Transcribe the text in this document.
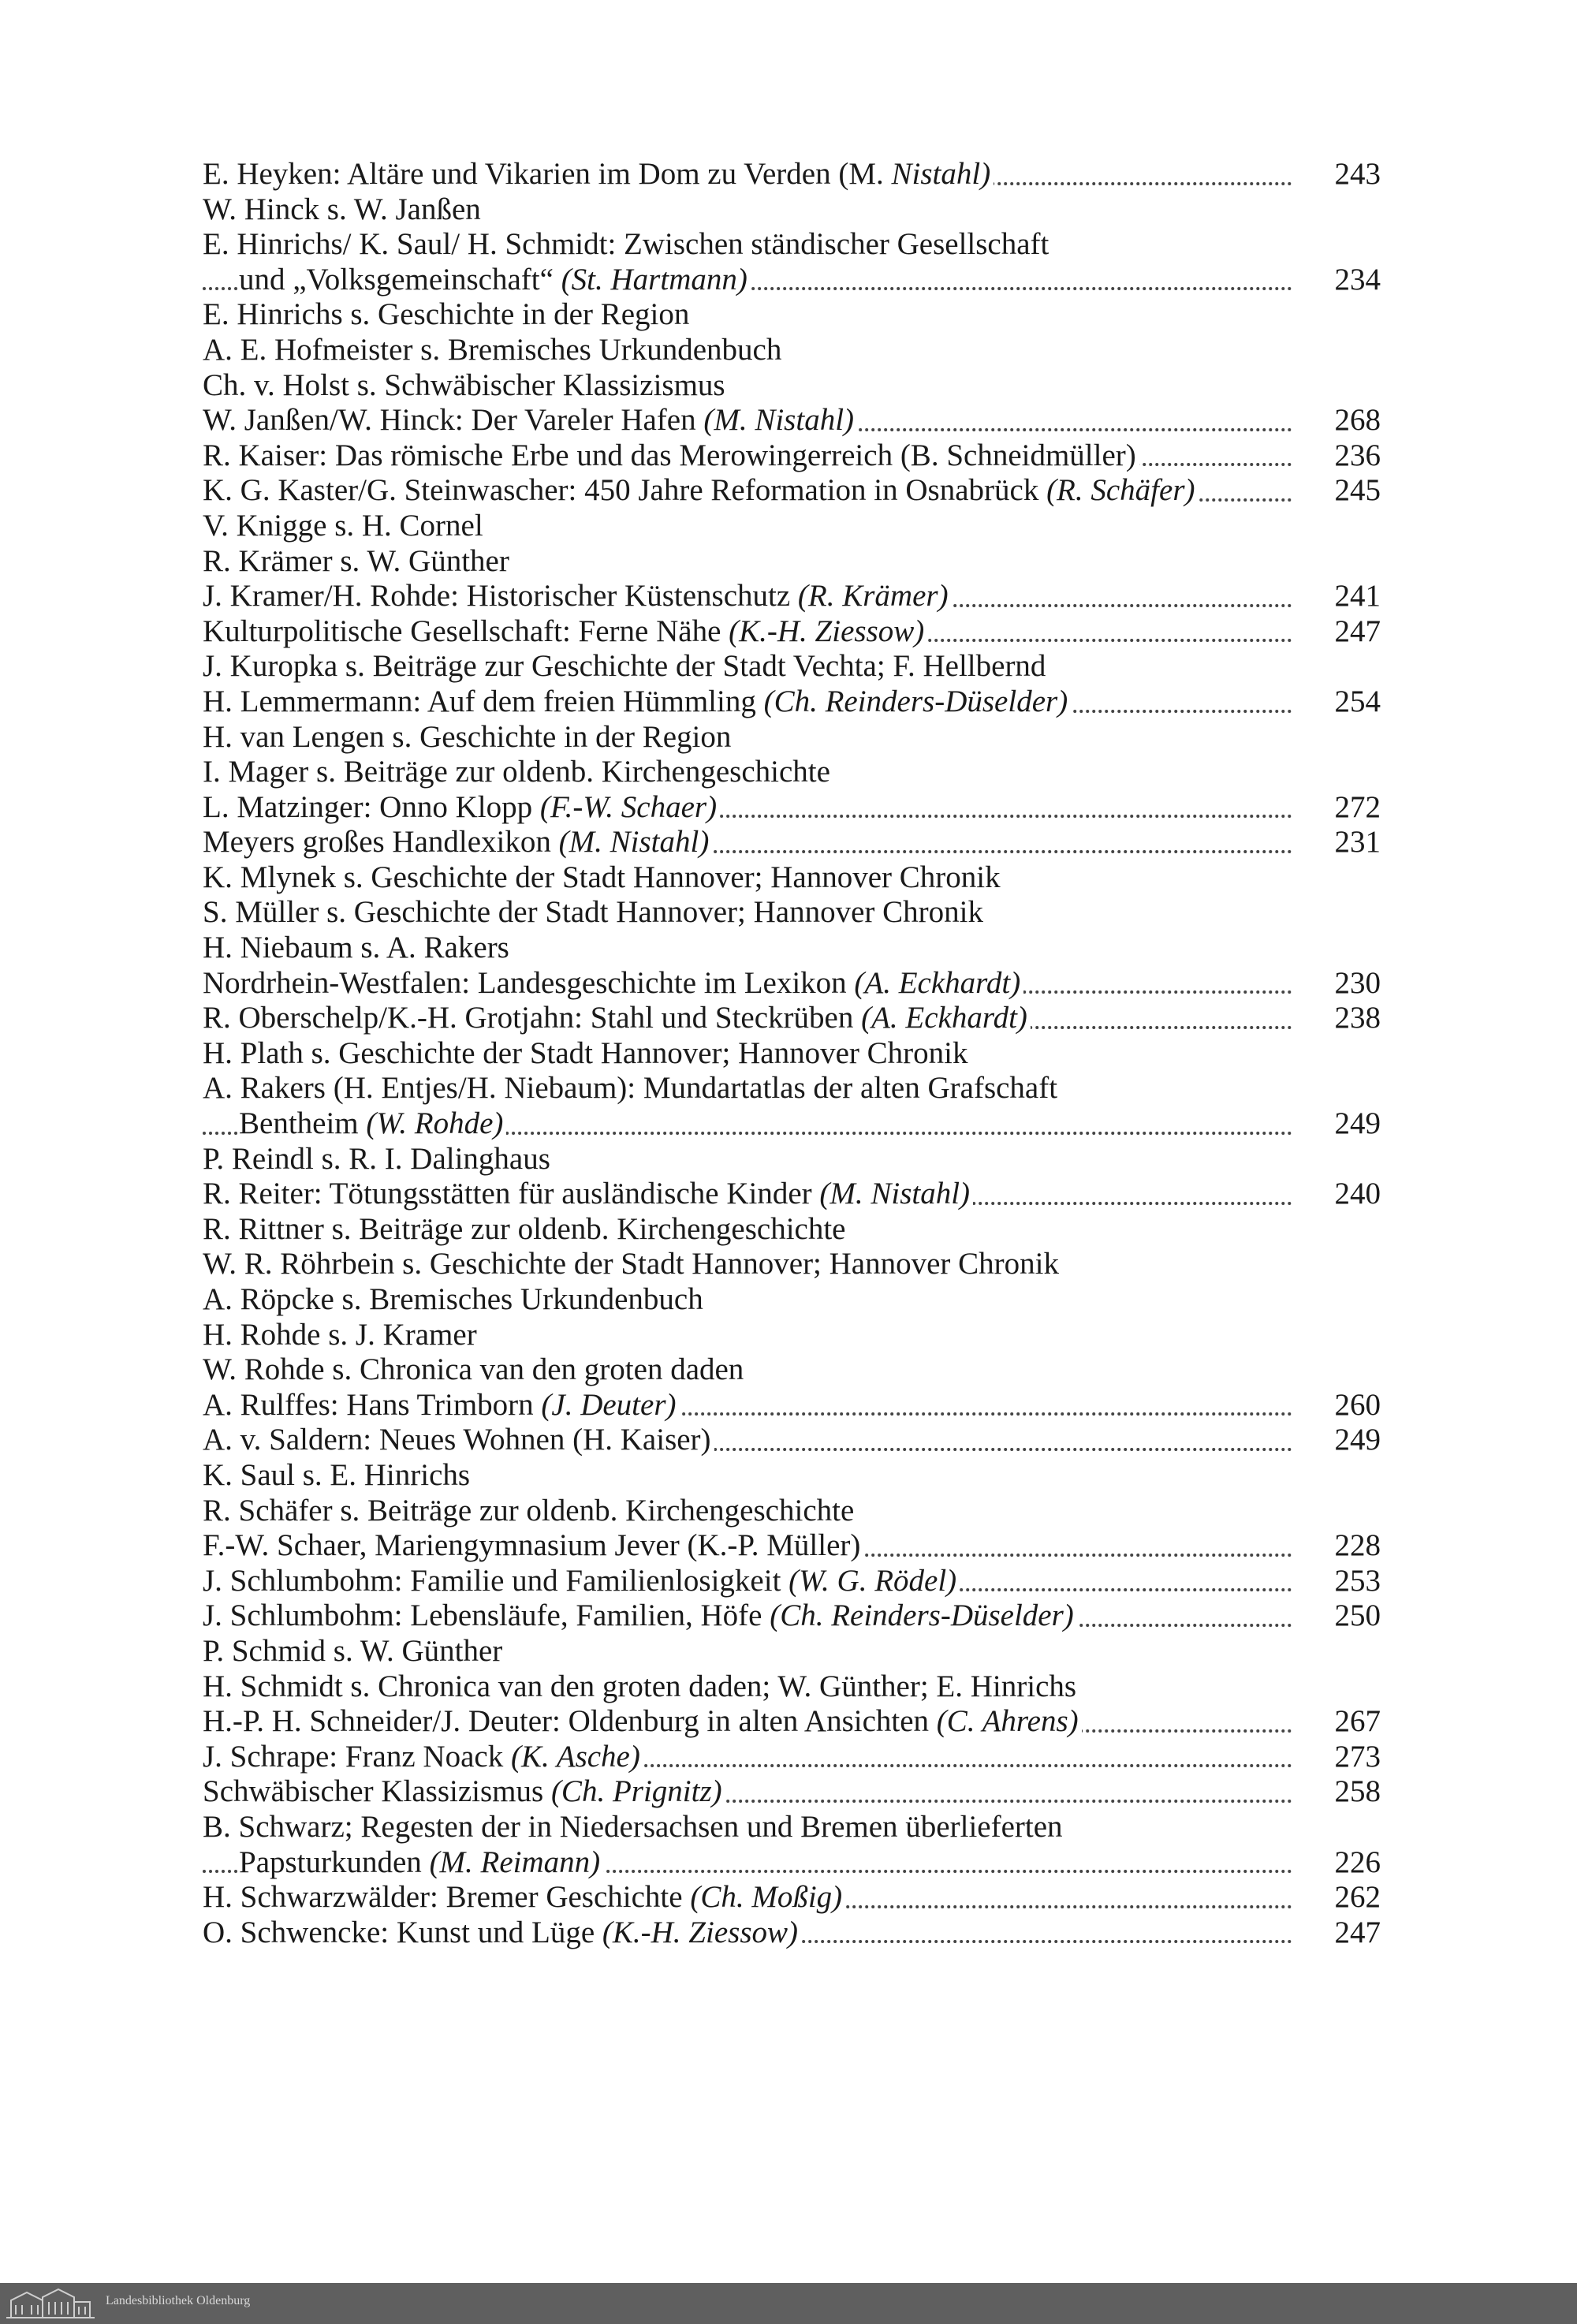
E. Heyken: Altäre und Vikarien im Dom zu Verden (M. Nistahl)	243
W. Hinck s. W. Janßen
E. Hinrichs/ K. Saul/ H. Schmidt: Zwischen ständischer Gesellschaft
und „Volksgemeinschaft“ (St. Hartmann)	234
E. Hinrichs s. Geschichte in der Region
A. E. Hofmeister s. Bremisches Urkundenbuch
Ch. v. Holst s. Schwäbischer Klassizismus
W. Janßen/W. Hinck: Der Vareler Hafen (M. Nistahl)	268
R. Kaiser: Das römische Erbe und das Merowingerreich (B. Schneidmüller)	236
K. G. Kaster/G. Steinwascher: 450 Jahre Reformation in Osnabrück (R. Schäfer)	245
V. Knigge s. H. Cornel
R. Krämer s. W. Günther
J. Kramer/H. Rohde: Historischer Küstenschutz (R. Krämer)	241
Kulturpolitische Gesellschaft: Ferne Nähe (K.-H. Ziessow)	247
J. Kuropka s. Beiträge zur Geschichte der Stadt Vechta; F. Hellbernd
H. Lemmermann: Auf dem freien Hümmling (Ch. Reinders-Düselder)	254
H. van Lengen s. Geschichte in der Region
I. Mager s. Beiträge zur oldenb. Kirchengeschichte
L. Matzinger: Onno Klopp (F.-W. Schaer)	272
Meyers großes Handlexikon (M. Nistahl)	231
K. Mlynek s. Geschichte der Stadt Hannover; Hannover Chronik
S. Müller s. Geschichte der Stadt Hannover; Hannover Chronik
H. Niebaum s. A. Rakers
Nordrhein-Westfalen: Landesgeschichte im Lexikon (A. Eckhardt)	230
R. Oberschelp/K.-H. Grotjahn: Stahl und Steckrüben (A. Eckhardt)	238
H. Plath s. Geschichte der Stadt Hannover; Hannover Chronik
A. Rakers (H. Entjes/H. Niebaum): Mundartatlas der alten Grafschaft
Bentheim (W. Rohde)	249
P. Reindl s. R. I. Dalinghaus
R. Reiter: Tötungsstätten für ausländische Kinder (M. Nistahl)	240
R. Rittner s. Beiträge zur oldenb. Kirchengeschichte
W. R. Röhrbein s. Geschichte der Stadt Hannover; Hannover Chronik
A. Röpcke s. Bremisches Urkundenbuch
H. Rohde s. J. Kramer
W. Rohde s. Chronica van den groten daden
A. Rulffes: Hans Trimborn (J. Deuter)	260
A. v. Saldern: Neues Wohnen (H. Kaiser)	249
K. Saul s. E. Hinrichs
R. Schäfer s. Beiträge zur oldenb. Kirchengeschichte
F.-W. Schaer, Mariengymnasium Jever (K.-P. Müller)	228
J. Schlumbohm: Familie und Familienlosigkeit (W. G. Rödel)	253
J. Schlumbohm: Lebensläufe, Familien, Höfe (Ch. Reinders-Düselder)	250
P. Schmid s. W. Günther
H. Schmidt s. Chronica van den groten daden; W. Günther; E. Hinrichs
H.-P. H. Schneider/J. Deuter: Oldenburg in alten Ansichten (C. Ahrens)	267
J. Schrape: Franz Noack (K. Asche)	273
Schwäbischer Klassizismus (Ch. Prignitz)	258
B. Schwarz; Regesten der in Niedersachsen und Bremen überlieferten
Papsturkunden (M. Reimann)	226
H. Schwarzwälder: Bremer Geschichte (Ch. Moßig)	262
O. Schwencke: Kunst und Lüge (K.-H. Ziessow)	247
Landesbibliothek Oldenburg
